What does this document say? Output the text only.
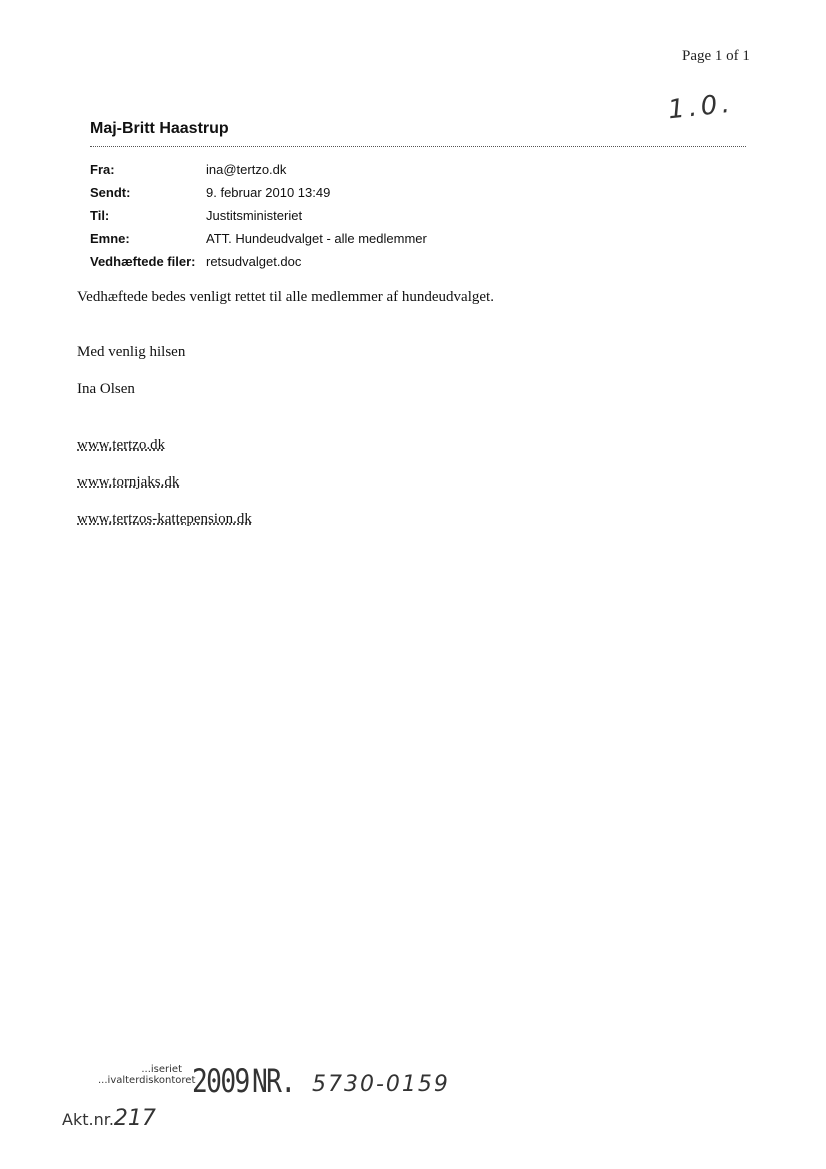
Page 1 of 1
1.0.
Maj-Britt Haastrup
Fra:	ina@tertzo.dk
Sendt:	9. februar 2010 13:49
Til:	Justitsministeriet
Emne:	ATT. Hundeudvalget - alle medlemmer
Vedhæftede filer: retsudvalget.doc
Vedhæftede bedes venligt rettet til alle medlemmer af hundeudvalget.
Med venlig hilsen
Ina Olsen
www.tertzo.dk
www.tornjaks.dk
www.tertzos-kattepension.dk
...iseriet
...ivalterdiskontoret
2009 NR. 5730-0159
Akt.nr.217
